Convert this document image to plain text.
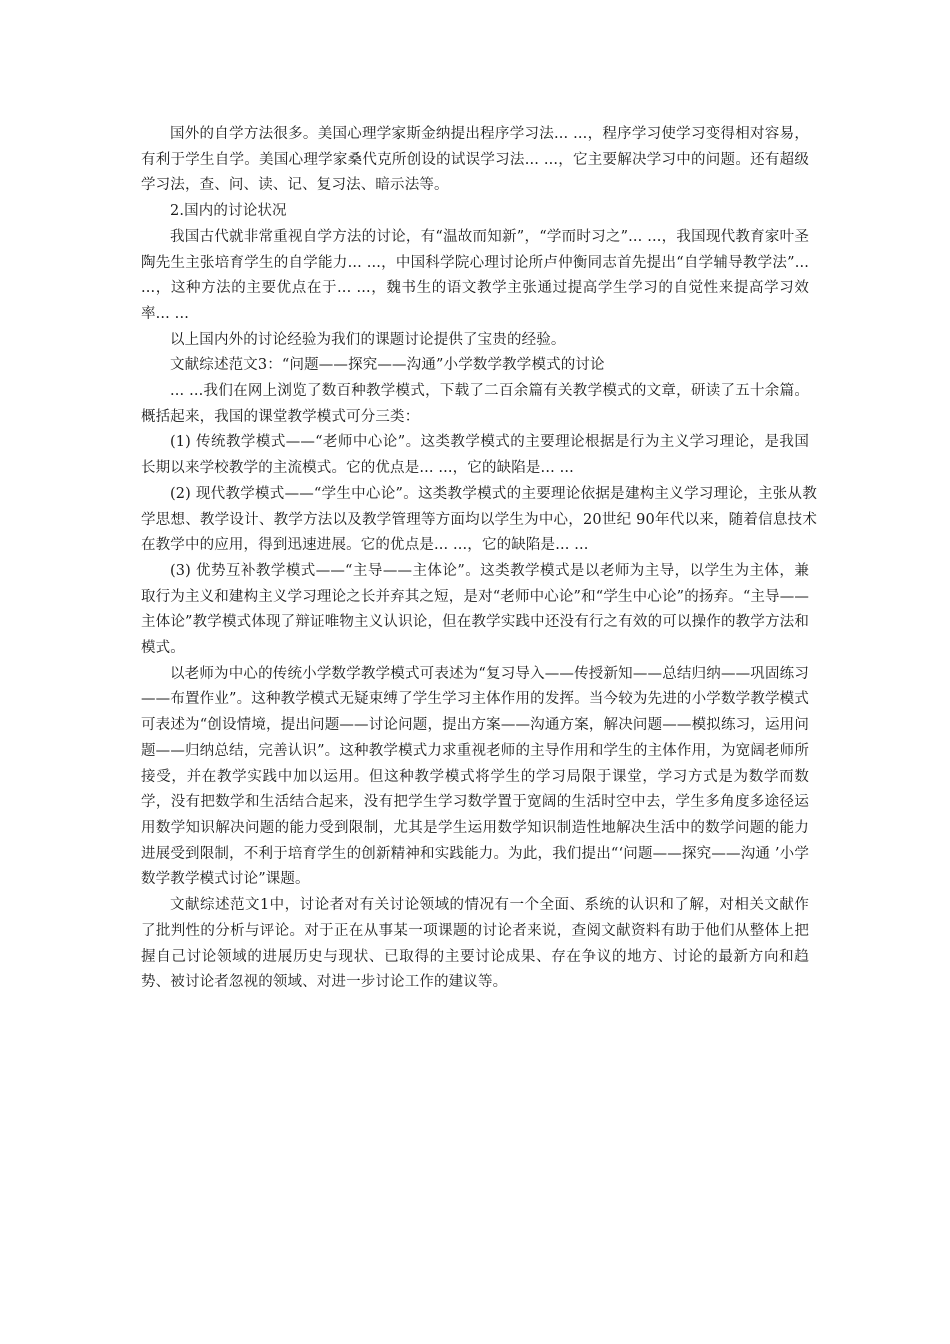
国外的自学方法很多。美国心理学家斯金纳提出程序学习法... ...，程序学习使学习变得相对容易，有利于学生自学。美国心理学家桑代克所创设的试误学习法... ...，它主要解决学习中的问题。还有超级学习法，查、问、读、记、复习法、暗示法等。

2.国内的讨论状况

我国古代就非常重视自学方法的讨论，有“温故而知新”，“学而时习之”... ...，我国现代教育家叶圣陶先生主张培育学生的自学能力... ...，中国科学院心理讨论所卢仲衡同志首先提出“自学辅导教学法”... ...，这种方法的主要优点在于... ...，魏书生的语文教学主张通过提高学生学习的自觉性来提高学习效率... ...

以上国内外的讨论经验为我们的课题讨论提供了宝贵的经验。

文献综述范文3：“问题——探究——沟通”小学数学教学模式的讨论

... ...我们在网上浏览了数百种教学模式，下载了二百余篇有关教学模式的文章，研读了五十余篇。概括起来，我国的课堂教学模式可分三类：

(1) 传统教学模式——“老师中心论”。这类教学模式的主要理论根据是行为主义学习理论，是我国长期以来学校教学的主流模式。它的优点是... ...，它的缺陷是... ...

(2) 现代教学模式——“学生中心论”。这类教学模式的主要理论依据是建构主义学习理论，主张从教学思想、教学设计、教学方法以及教学管理等方面均以学生为中心，20世纪 90年代以来，随着信息技术在教学中的应用，得到迅速进展。它的优点是... ...，它的缺陷是... ...

(3) 优势互补教学模式——“主导——主体论”。这类教学模式是以老师为主导，以学生为主体，兼取行为主义和建构主义学习理论之长并弃其之短，是对“老师中心论”和“学生中心论”的扬弃。“主导——主体论”教学模式体现了辩证唯物主义认识论，但在教学实践中还没有行之有效的可以操作的教学方法和模式。

以老师为中心的传统小学数学教学模式可表述为“复习导入——传授新知——总结归纳——巩固练习——布置作业”。这种教学模式无疑束缚了学生学习主体作用的发挥。当今较为先进的小学数学教学模式可表述为“创设情境，提出问题——讨论问题，提出方案——沟通方案，解决问题——模拟练习，运用问题——归纳总结，完善认识”。这种教学模式力求重视老师的主导作用和学生的主体作用，为宽阔老师所接受，并在教学实践中加以运用。但这种教学模式将学生的学习局限于课堂，学习方式是为数学而数学，没有把数学和生活结合起来，没有把学生学习数学置于宽阔的生活时空中去，学生多角度多途径运用数学知识解决问题的能力受到限制，尤其是学生运用数学知识制造性地解决生活中的数学问题的能力进展受到限制，不利于培育学生的创新精神和实践能力。为此，我们提出“‘问题——探究——沟通 ’小学数学教学模式讨论”课题。

文献综述范文1中，讨论者对有关讨论领域的情况有一个全面、系统的认识和了解，对相关文献作了批判性的分析与评论。对于正在从事某一项课题的讨论者来说，查阅文献资料有助于他们从整体上把握自己讨论领域的进展历史与现状、已取得的主要讨论成果、存在争议的地方、讨论的最新方向和趋势、被讨论者忽视的领域、对进一步讨论工作的建议等。
